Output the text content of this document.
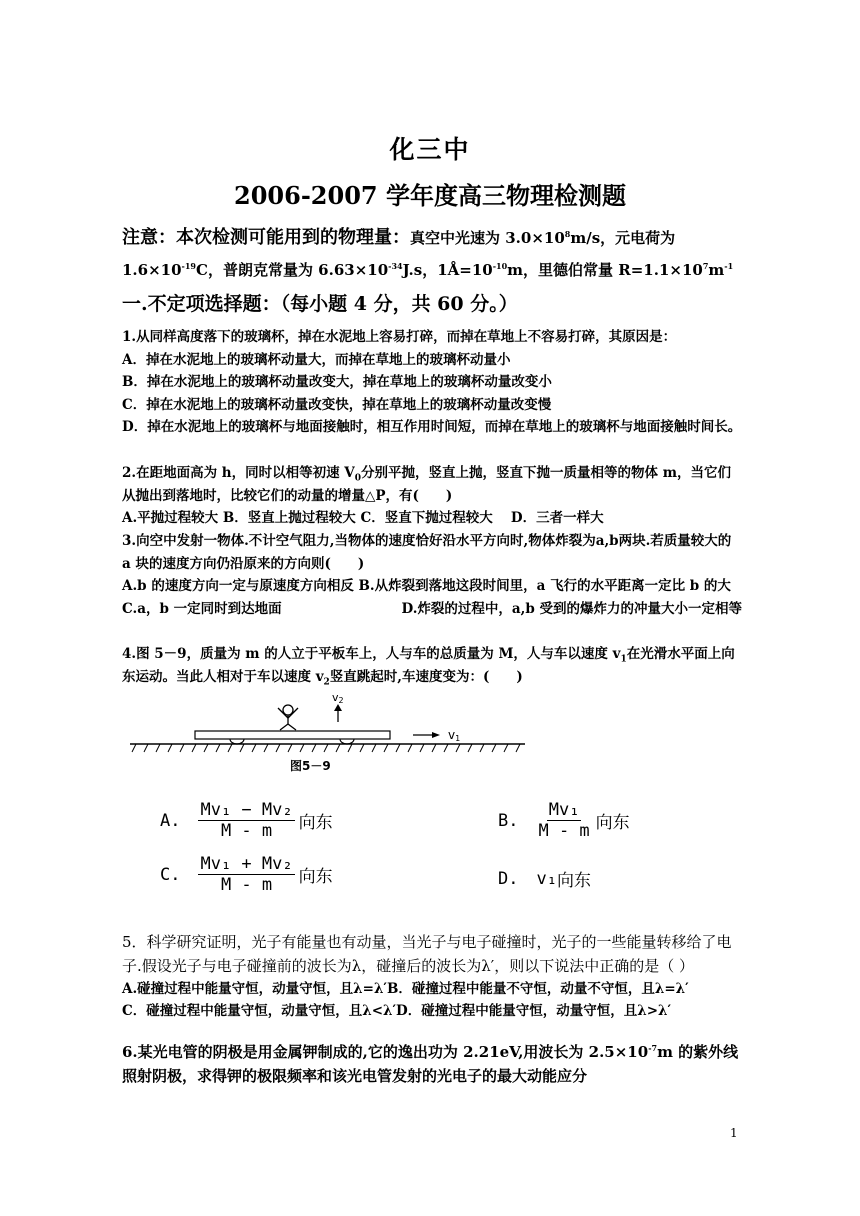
化三中
2006-2007 学年度高三物理检测题
注意：本次检测可能用到的物理量：真空中光速为 $3.0\times 10^8m/s$，元电荷为
$1.6\times 10^{-19}C$，普朗克常量为 $6.63\times 10^{-34}J.s$，$1Å=10^{-10}m$，里德伯常量 $R=1.1\times 10^7m^{-1}$
一.不定项选择题：（每小题 4 分，共 60 分。）

1.从同样高度落下的玻璃杯，掉在水泥地上容易打碎，而掉在草地上不容易打碎，其原因是：

A．掉在水泥地上的玻璃杯动量大，而掉在草地上的玻璃杯动量小

B．掉在水泥地上的玻璃杯动量改变大，掉在草地上的玻璃杯动量改变小

C．掉在水泥地上的玻璃杯动量改变快，掉在草地上的玻璃杯动量改变慢

D．掉在水泥地上的玻璃杯与地面接触时，相互作用时间短，而掉在草地上的玻璃杯与地面接触时间长。

2.在距地面高为 h，同时以相等初速 $V_0$分别平抛，竖直上抛，竖直下抛一质量相等的物体 m，当它们从抛出到落地时，比较它们的动量的增量△P，有(　　)

A.平抛过程较大 B．竖直上抛过程较大 C．竖直下抛过程较大　 D．三者一样大

3.向空中发射一物体.不计空气阻力,当物体的速度恰好沿水平方向时,物体炸裂为a,b两块.若质量较大的 a 块的速度方向仍沿原来的方向则(　　)

A.b 的速度方向一定与原速度方向相反 B.从炸裂到落地这段时间里，a 飞行的水平距离一定比 b 的大

C.a，b 一定同时到达地面	D.炸裂的过程中，a,b 受到的爆炸力的冲量大小一定相等

4.图 5－9，质量为 m 的人立于平板车上，人与车的总质量为 M，人与车以速度 $v_1$在光滑水平面上向东运动。当此人相对于车以速度 $v_2$竖直跳起时,车速度变为：(　　)

v2
v1
图5－9
A. $\frac{\text{Mv₁ − Mv₂}}{M - m}$ 向东	B. $\frac{\text{Mv₁}}{M - m}$ 向东
C. $\frac{\text{Mv₁ + Mv₂}}{M - m}$ 向东	D. v₁ 向东

5．科学研究证明，光子有能量也有动量，当光子与电子碰撞时，光子的一些能量转移给了电子.假设光子与电子碰撞前的波长为λ，碰撞后的波长为λ′，则以下说法中正确的是（ ）

A.碰撞过程中能量守恒，动量守恒，且λ=λ′B．碰撞过程中能量不守恒，动量不守恒，且λ=λ′

C．碰撞过程中能量守恒，动量守恒，且λ<λ′D．碰撞过程中能量守恒，动量守恒，且λ>λ′

6.某光电管的阴极是用金属钾制成的,它的逸出功为 2.21eV,用波长为 $2.5\times 10^{-7}m$ 的紫外线照射阴极，求得钾的极限频率和该光电管发射的光电子的最大动能应分

1
